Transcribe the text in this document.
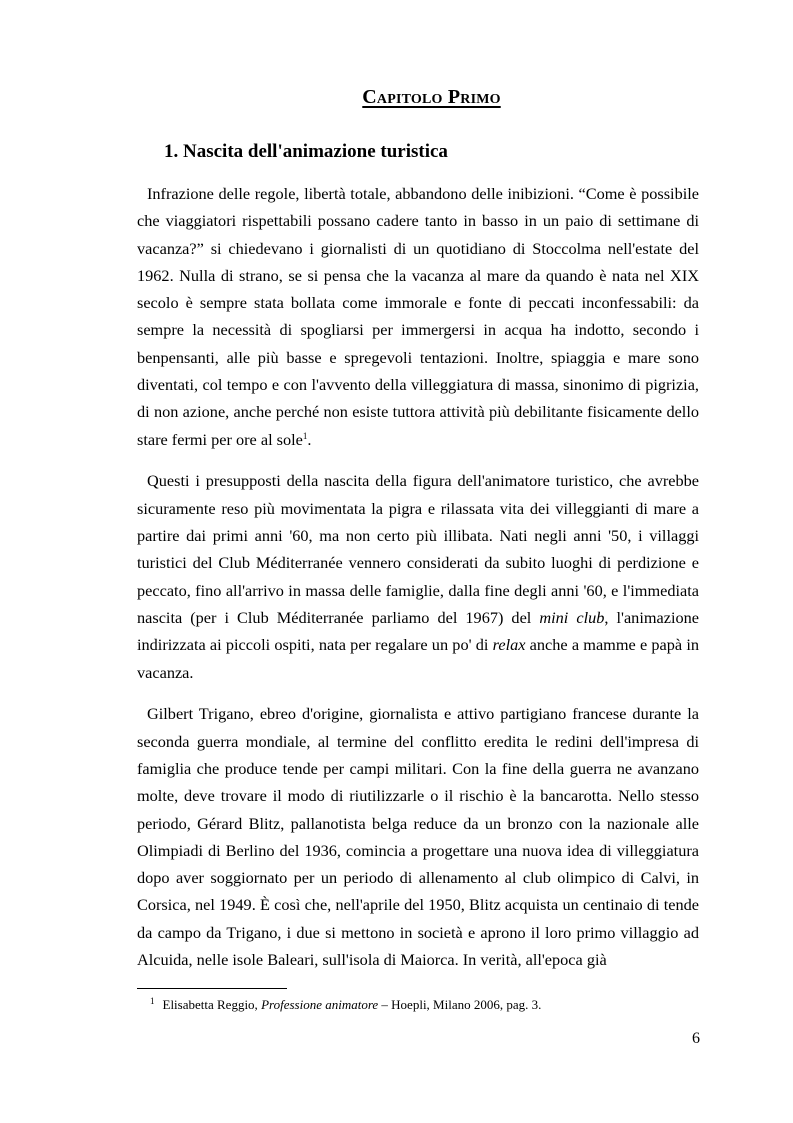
Capitolo Primo
1. Nascita dell'animazione turistica

Infrazione delle regole, libertà totale, abbandono delle inibizioni. “Come è possibile che viaggiatori rispettabili possano cadere tanto in basso in un paio di settimane di vacanza?” si chiedevano i giornalisti di un quotidiano di Stoccolma nell'estate del 1962. Nulla di strano, se si pensa che la vacanza al mare da quando è nata nel XIX secolo è sempre stata bollata come immorale e fonte di peccati inconfessabili: da sempre la necessità di spogliarsi per immergersi in acqua ha indotto, secondo i benpensanti, alle più basse e spregevoli tentazioni. Inoltre, spiaggia e mare sono diventati, col tempo e con l'avvento della villeggiatura di massa, sinonimo di pigrizia, di non azione, anche perché non esiste tuttora attività più debilitante fisicamente dello stare fermi per ore al sole$^1$.

Questi i presupposti della nascita della figura dell'animatore turistico, che avrebbe sicuramente reso più movimentata la pigra e rilassata vita dei villeggianti di mare a partire dai primi anni '60, ma non certo più illibata. Nati negli anni '50, i villaggi turistici del Club Méditerranée vennero considerati da subito luoghi di perdizione e peccato, fino all'arrivo in massa delle famiglie, dalla fine degli anni '60, e l'immediata nascita (per i Club Méditerranée parliamo del 1967) del mini club, l'animazione indirizzata ai piccoli ospiti, nata per regalare un po' di relax anche a mamme e papà in vacanza.

Gilbert Trigano, ebreo d'origine, giornalista e attivo partigiano francese durante la seconda guerra mondiale, al termine del conflitto eredita le redini dell'impresa di famiglia che produce tende per campi militari. Con la fine della guerra ne avanzano molte, deve trovare il modo di riutilizzarle o il rischio è la bancarotta. Nello stesso periodo, Gérard Blitz, pallanotista belga reduce da un bronzo con la nazionale alle Olimpiadi di Berlino del 1936, comincia a progettare una nuova idea di villeggiatura dopo aver soggiornato per un periodo di allenamento al club olimpico di Calvi, in Corsica, nel 1949. È così che, nell'aprile del 1950, Blitz acquista un centinaio di tende da campo da Trigano, i due si mettono in società e aprono il loro primo villaggio ad Alcuida, nelle isole Baleari, sull'isola di Maiorca. In verità, all'epoca già

$^1$ Elisabetta Reggio, Professione animatore – Hoepli, Milano 2006, pag. 3.
6
